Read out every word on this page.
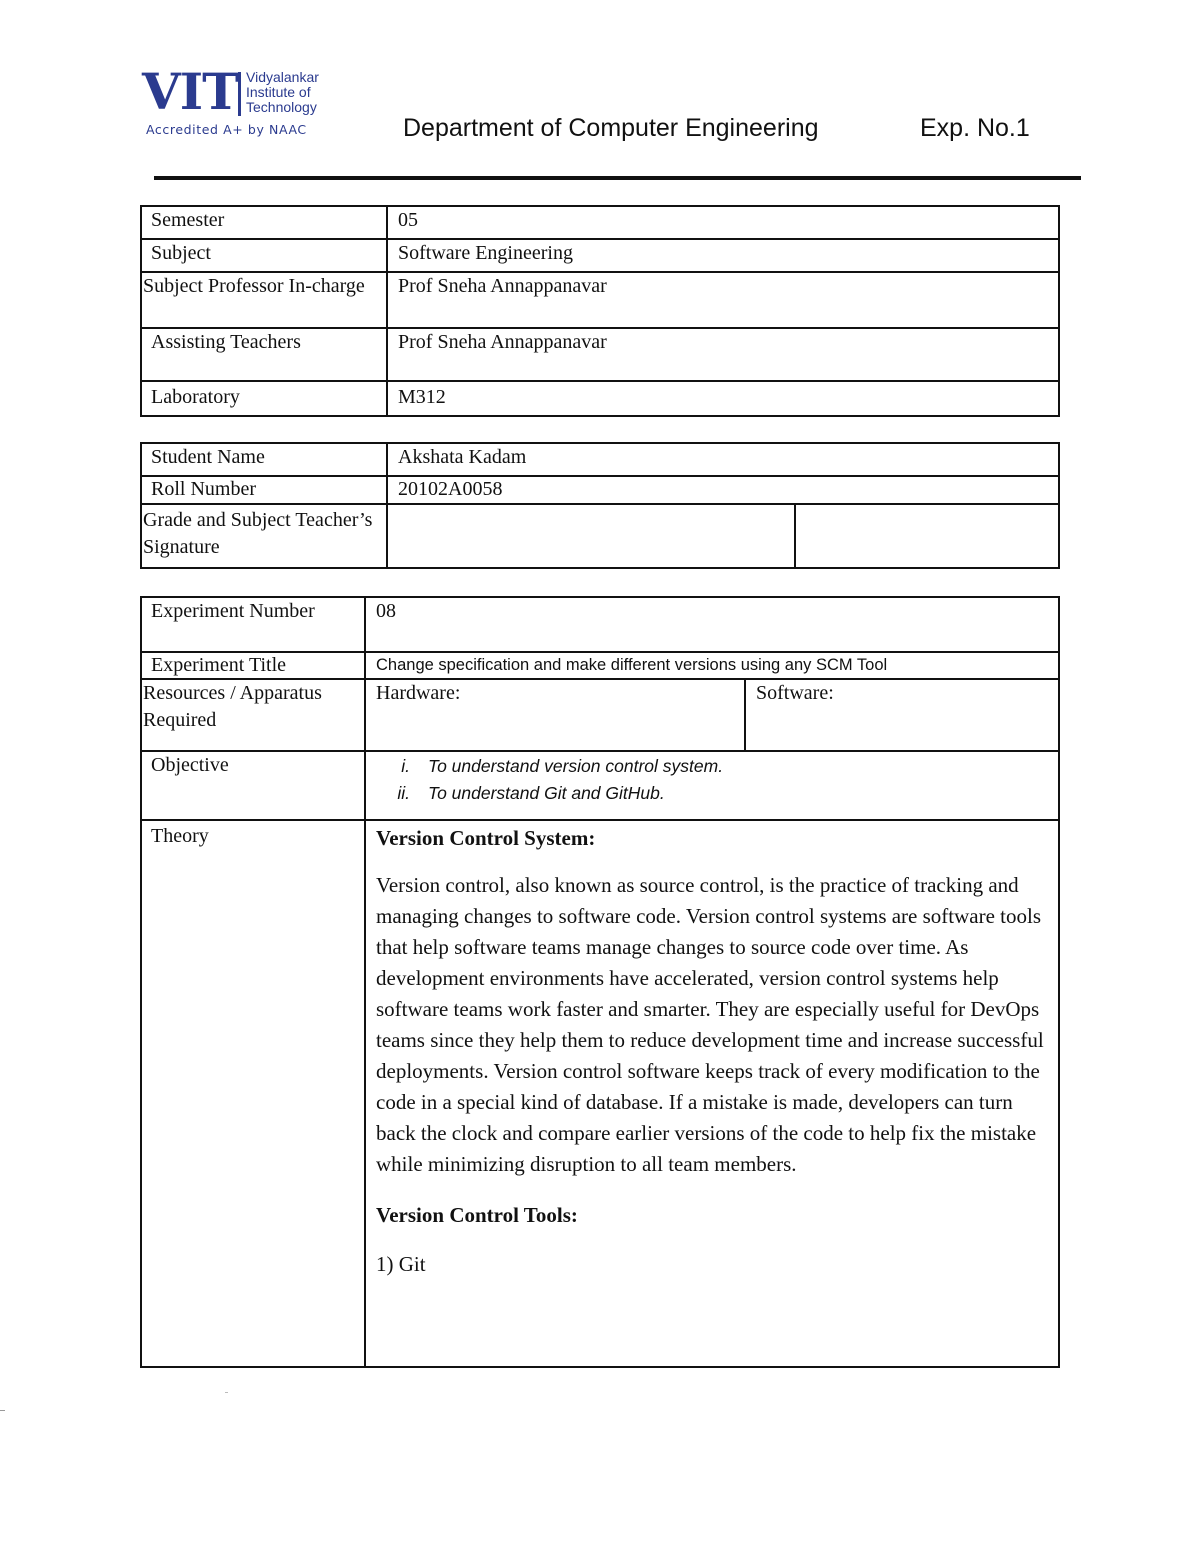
VIT Vidyalankar
Institute of
Technology
Accredited A+ by NAAC	Department of Computer Engineering	Exp. No.1
Semester	05
Subject	Software Engineering
Subject Professor In-charge	Prof Sneha Annappanavar
Assisting Teachers	Prof Sneha Annappanavar
Laboratory	M312
Student Name	Akshata Kadam	
Roll Number	20102A0058	
Grade and Subject Teacher’s Signature		
Experiment Number	08	
Experiment Title	Change specification and make different versions using any SCM Tool	
Resources / Apparatus Required	Hardware:	Software:
Objective	i. To understand version control system.
ii. To understand Git and GitHub.	

Theory	Version Control System:

Version control, also known as source control, is the practice of tracking and managing changes to software code. Version control systems are software tools that help software teams manage changes to source code over time. As development environments have accelerated, version control systems help software teams work faster and smarter. They are especially useful for DevOps teams since they help them to reduce development time and increase successful deployments. Version control software keeps track of every modification to the code in a special kind of database. If a mistake is made, developers can turn back the clock and compare earlier versions of the code to help fix the mistake while minimizing disruption to all team members.

Version Control Tools:

1) Git	
